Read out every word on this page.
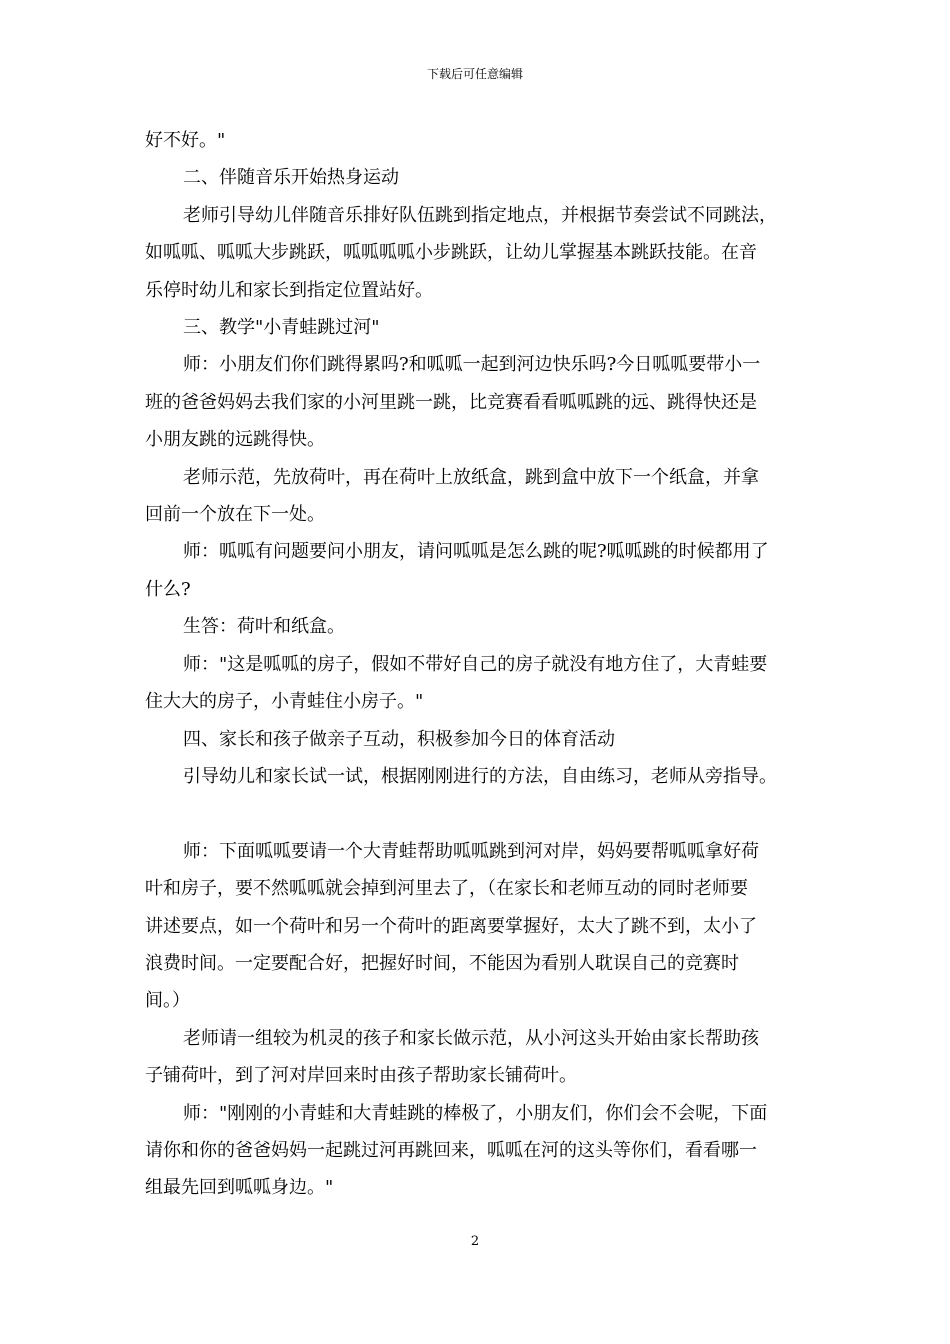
下载后可任意编辑

好不好。"

二、伴随音乐开始热身运动

老师引导幼儿伴随音乐排好队伍跳到指定地点，并根据节奏尝试不同跳法，

如呱呱、呱呱大步跳跃，呱呱呱呱小步跳跃，让幼儿掌握基本跳跃技能。在音

乐停时幼儿和家长到指定位置站好。

三、教学"小青蛙跳过河"

师：小朋友们你们跳得累吗?和呱呱一起到河边快乐吗?今日呱呱要带小一

班的爸爸妈妈去我们家的小河里跳一跳，比竞赛看看呱呱跳的远、跳得快还是

小朋友跳的远跳得快。

老师示范，先放荷叶，再在荷叶上放纸盒，跳到盒中放下一个纸盒，并拿

回前一个放在下一处。

师：呱呱有问题要问小朋友，请问呱呱是怎么跳的呢?呱呱跳的时候都用了

什么?

生答：荷叶和纸盒。

师："这是呱呱的房子，假如不带好自己的房子就没有地方住了，大青蛙要

住大大的房子，小青蛙住小房子。"

四、家长和孩子做亲子互动，积极参加今日的体育活动

引导幼儿和家长试一试，根据刚刚进行的方法，自由练习，老师从旁指导。

师：下面呱呱要请一个大青蛙帮助呱呱跳到河对岸，妈妈要帮呱呱拿好荷

叶和房子，要不然呱呱就会掉到河里去了，（在家长和老师互动的同时老师要

讲述要点，如一个荷叶和另一个荷叶的距离要掌握好，太大了跳不到，太小了

浪费时间。一定要配合好，把握好时间，不能因为看别人耽误自己的竞赛时

间。）

老师请一组较为机灵的孩子和家长做示范，从小河这头开始由家长帮助孩

子铺荷叶，到了河对岸回来时由孩子帮助家长铺荷叶。

师："刚刚的小青蛙和大青蛙跳的棒极了，小朋友们，你们会不会呢，下面

请你和你的爸爸妈妈一起跳过河再跳回来，呱呱在河的这头等你们，看看哪一

组最先回到呱呱身边。"

2
